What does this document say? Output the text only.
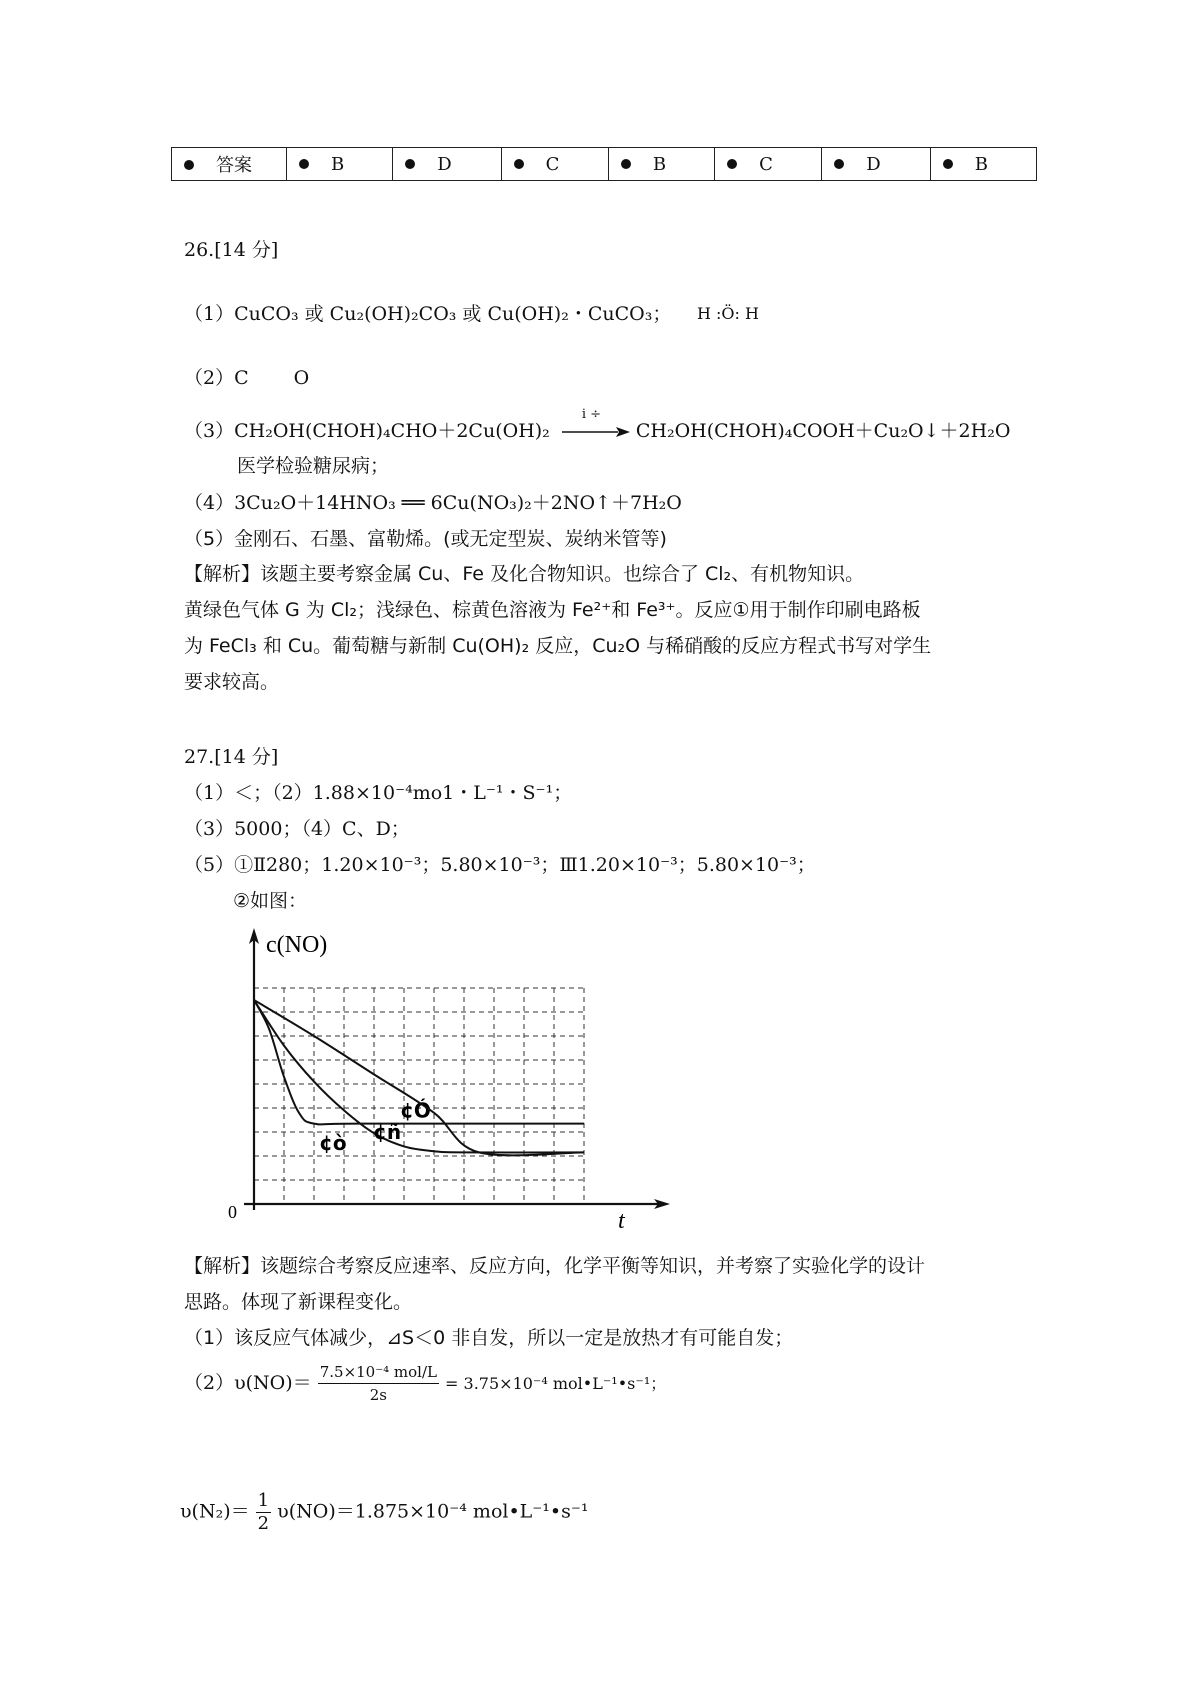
答案	B	D	C	B	C	D	B
26.[14 分]
（1）CuCO₃ 或 Cu₂(OH)₂CO₃ 或 Cu(OH)₂・CuCO₃； H :Ö: H
（2）C O
（3）CH₂OH(CHOH)₄CHO＋2Cu(OH)₂
i ÷
CH₂OH(CHOH)₄COOH＋Cu₂O↓＋2H₂O
医学检验糖尿病；
（4）3Cu₂O＋14HNO₃ ══ 6Cu(NO₃)₂＋2NO↑＋7H₂O
（5）金刚石、石墨、富勒烯。(或无定型炭、炭纳米管等)
【解析】该题主要考察金属 Cu、Fe 及化合物知识。也综合了 Cl₂、有机物知识。
黄绿色气体 G 为 Cl₂；浅绿色、棕黄色溶液为 Fe²⁺和 Fe³⁺。反应①用于制作印刷电路板
为 FeCl₃ 和 Cu。葡萄糖与新制 Cu(OH)₂ 反应，Cu₂O 与稀硝酸的反应方程式书写对学生
要求较高。
27.[14 分]
（1）＜；（2）1.88×10⁻⁴mo1・L⁻¹・S⁻¹；
（3）5000；（4）C、D；
（5）①Ⅱ280；1.20×10⁻³；5.80×10⁻³；Ⅲ1.20×10⁻³；5.80×10⁻³；
②如图：
¢Ó
¢ò ¢ñ
c(NO)
t
0
【解析】该题综合考察反应速率、反应方向，化学平衡等知识，并考察了实验化学的设计
思路。体现了新课程变化。
（1）该反应气体减少，⊿S＜0 非自发，所以一定是放热才有可能自发；
$(2)\upsilon(NO)= \frac{\text{7.5×10⁻⁴ mol/L}}{2s} = 3.75\times 10^{-4}$ mol•L⁻¹•s⁻¹；
$\upsilon(N_2)= \frac{1}{2} \upsilon(NO)=1.875\times 10^{-4}$ mol•L⁻¹•s⁻¹
